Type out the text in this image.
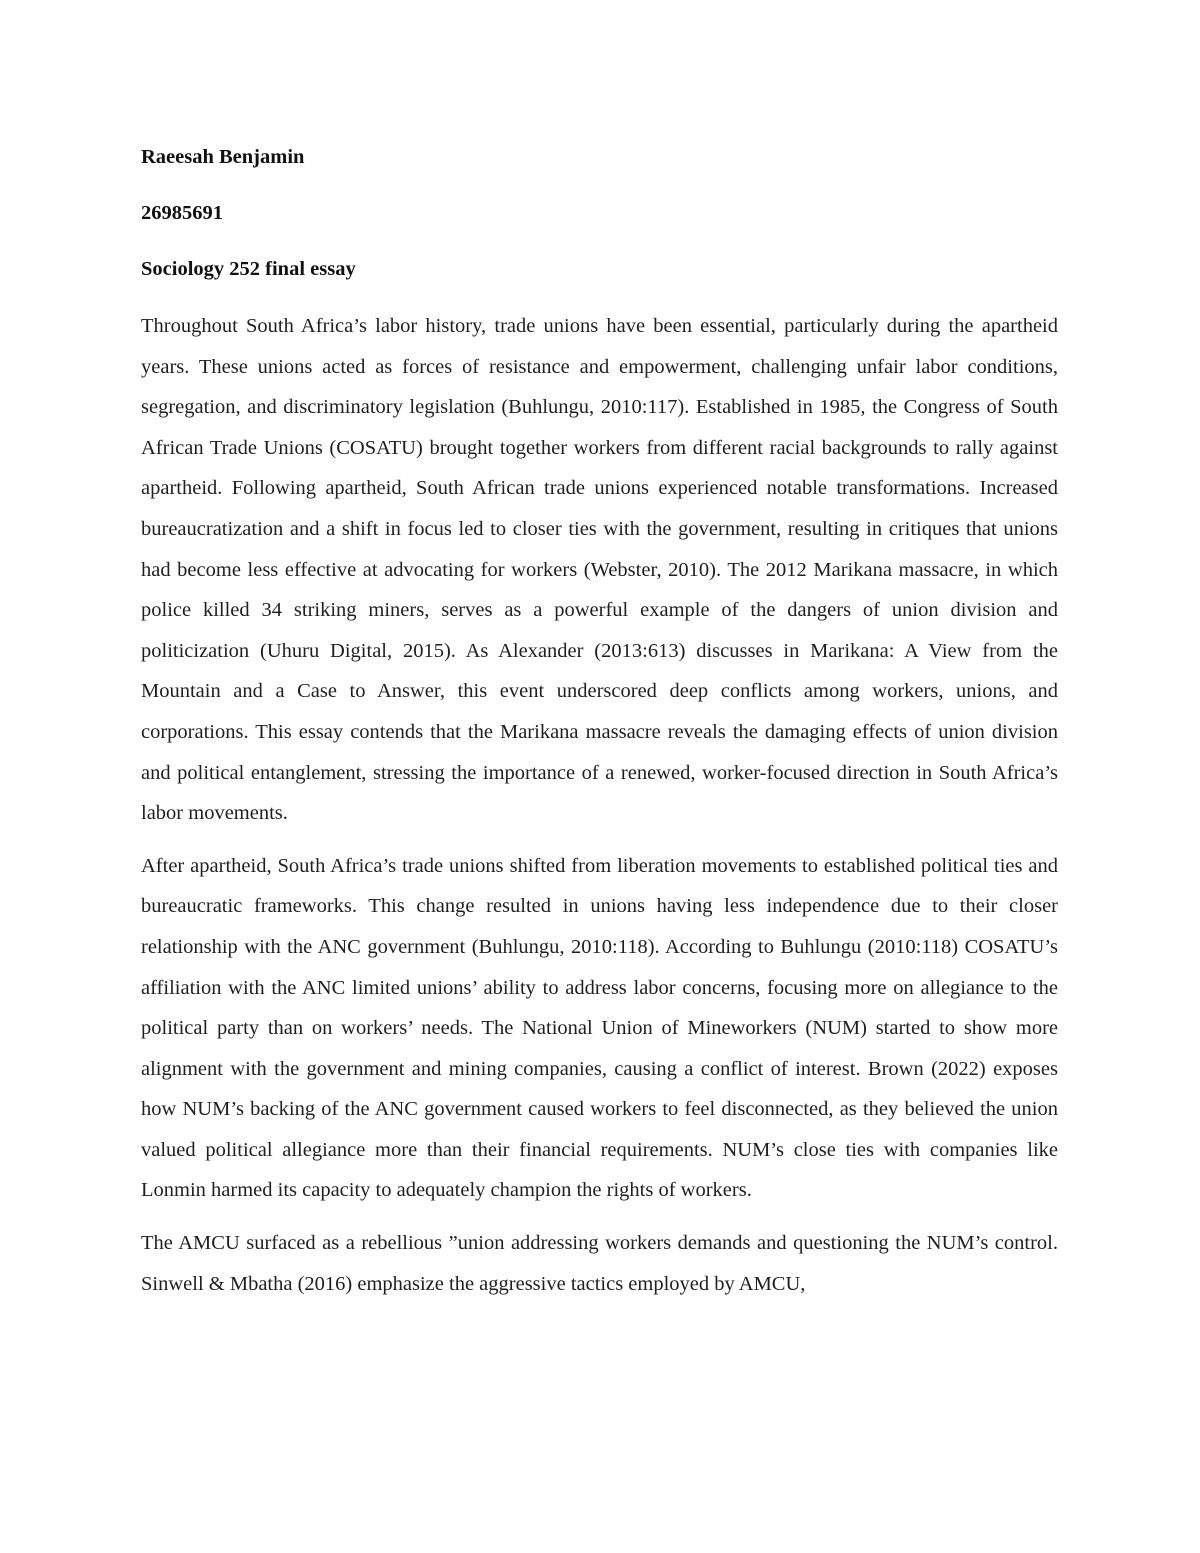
Raeesah Benjamin

26985691

Sociology 252 final essay

Throughout South Africa’s labor history, trade unions have been essential, particularly during the apartheid years. These unions acted as forces of resistance and empowerment, challenging unfair labor conditions, segregation, and discriminatory legislation (Buhlungu, 2010:117). Established in 1985, the Congress of South African Trade Unions (COSATU) brought together workers from different racial backgrounds to rally against apartheid. Following apartheid, South African trade unions experienced notable transformations. Increased bureaucratization and a shift in focus led to closer ties with the government, resulting in critiques that unions had become less effective at advocating for workers (Webster, 2010). The 2012 Marikana massacre, in which police killed 34 striking miners, serves as a powerful example of the dangers of union division and politicization (Uhuru Digital, 2015). As Alexander (2013:613) discusses in Marikana: A View from the Mountain and a Case to Answer, this event underscored deep conflicts among workers, unions, and corporations. This essay contends that the Marikana massacre reveals the damaging effects of union division and political entanglement, stressing the importance of a renewed, worker-focused direction in South Africa’s labor movements.

After apartheid, South Africa’s trade unions shifted from liberation movements to established political ties and bureaucratic frameworks. This change resulted in unions having less independence due to their closer relationship with the ANC government (Buhlungu, 2010:118). According to Buhlungu (2010:118) COSATU’s affiliation with the ANC limited unions’ ability to address labor concerns, focusing more on allegiance to the political party than on workers’ needs. The National Union of Mineworkers (NUM) started to show more alignment with the government and mining companies, causing a conflict of interest. Brown (2022) exposes how NUM’s backing of the ANC government caused workers to feel disconnected, as they believed the union valued political allegiance more than their financial requirements. NUM’s close ties with companies like Lonmin harmed its capacity to adequately champion the rights of workers.

The AMCU surfaced as a rebellious ”union addressing workers demands and questioning the NUM’s control. Sinwell & Mbatha (2016) emphasize the aggressive tactics employed by AMCU,
